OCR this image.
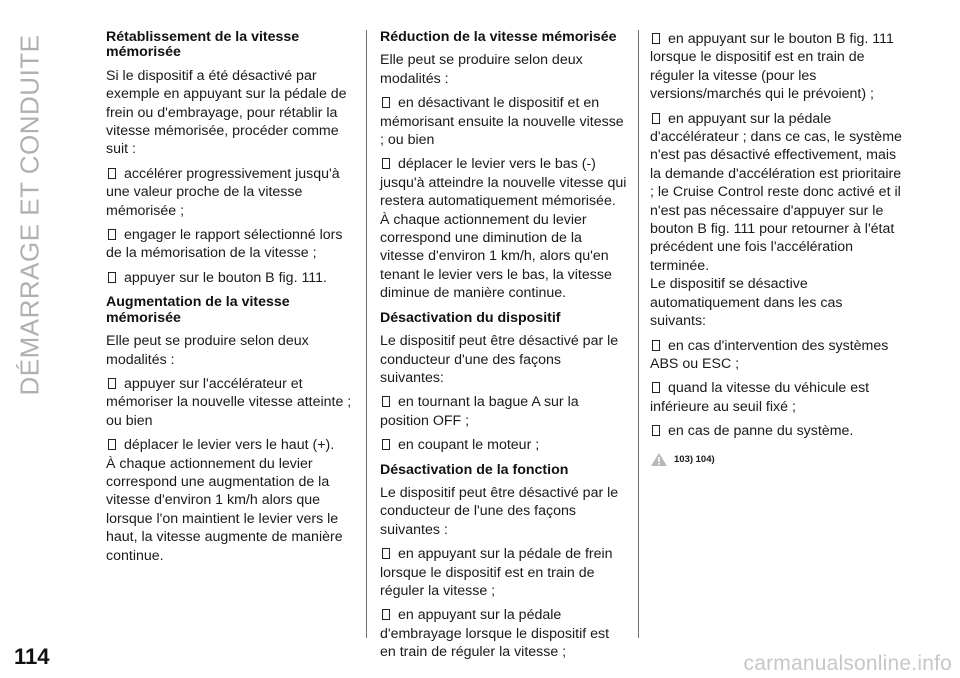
DÉMARRAGE ET CONDUITE	Rétablissement de la vitesse mémorisée

Si le dispositif a été désactivé par exemple en appuyant sur la pédale de frein ou d'embrayage, pour rétablir la vitesse mémorisée, procéder comme suit :

accélérer progressivement jusqu'à une valeur proche de la vitesse mémorisée ;
engager le rapport sélectionné lors de la mémorisation de la vitesse ;
appuyer sur le bouton B fig. 111.
Augmentation de la vitesse mémorisée

Elle peut se produire selon deux modalités :

appuyer sur l'accélérateur et mémoriser la nouvelle vitesse atteinte ; ou bien
déplacer le levier vers le haut (+).

À chaque actionnement du levier correspond une augmentation de la vitesse d'environ 1 km/h alors que lorsque l'on maintient le levier vers le haut, la vitesse augmente de manière continue.

Réduction de la vitesse mémorisée

Elle peut se produire selon deux modalités :

en désactivant le dispositif et en mémorisant ensuite la nouvelle vitesse ; ou bien
déplacer le levier vers le bas (-) jusqu'à atteindre la nouvelle vitesse qui restera automatiquement mémorisée.

À chaque actionnement du levier correspond une diminution de la vitesse d'environ 1 km/h, alors qu'en tenant le levier vers le bas, la vitesse diminue de manière continue.

Désactivation du dispositif

Le dispositif peut être désactivé par le conducteur d'une des façons suivantes:

en tournant la bague A sur la position OFF ;
en coupant le moteur ;
Désactivation de la fonction

Le dispositif peut être désactivé par le conducteur de l'une des façons suivantes :

en appuyant sur la pédale de frein lorsque le dispositif est en train de réguler la vitesse ;
en appuyant sur la pédale d'embrayage lorsque le dispositif est en train de réguler la vitesse ;
en appuyant sur le bouton B fig. 111 lorsque le dispositif est en train de réguler la vitesse (pour les versions/marchés qui le prévoient) ;
en appuyant sur la pédale d'accélérateur ; dans ce cas, le système n'est pas désactivé effectivement, mais la demande d'accélération est prioritaire ; le Cruise Control reste donc activé et il n'est pas nécessaire d'appuyer sur le bouton B fig. 111 pour retourner à l'état précédent une fois l'accélération terminée.

Le dispositif se désactive automatiquement dans les cas suivants:

en cas d'intervention des systèmes ABS ou ESC ;
quand la vitesse du véhicule est inférieure au seuil fixé ;
en cas de panne du système.
103) 104)
114	carmanualsonline.info
